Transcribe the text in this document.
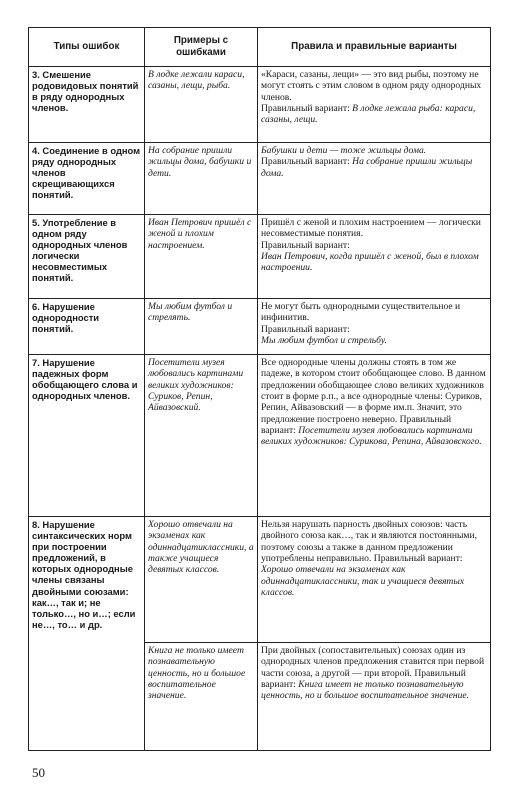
Типы ошибок	Примеры с ошибками	Правила и правильные варианты
3. Смешение родовидовых понятий в ряду однородных членов.	В лодке лежали караси, сазаны, лещи, рыба.	«Караси, сазаны, лещи» — это вид рыбы, поэтому не могут стоять с этим словом в одном ряду однородных членов.
Правильный вариант: В лодке лежала рыба: караси, сазаны, лещи.

4. Соединение в одном ряду однородных членов скрещивающихся понятий.	На собрание пришли жильцы дома, бабушки и дети.	Бабушки и дети — тоже жильцы дома.
Правильный вариант: На собрание пришли жильцы дома.

5. Употребление в одном ряду однородных членов логически несовместимых понятий.	Иван Петрович пришёл с женой и плохим настроением.	Пришёл с женой и плохим настроением — логически несовместимые понятия.
Правильный вариант:
Иван Петрович, когда пришёл с женой, был в плохом настроении.

6. Нарушение однородности понятий.	Мы любим футбол и стрелять.	Не могут быть однородными существительное и инфинитив.
Правильный вариант:
Мы любим футбол и стрельбу.

7. Нарушение падежных форм обобщающего слова и однородных членов.	Посетители музея любовались картинами великих художников: Суриков, Репин, Айвазовский.	Все однородные члены должны стоять в том же падеже, в котором стоит обобщающее слово. В данном предложении обобщающее слово великих художников стоит в форме р.п., а все однородные члены: Суриков, Репин, Айвазовский — в форме им.п. Значит, это предложение построено неверно. Правильный вариант: Посетители музея любовались картинами великих художников: Сурикова, Репина, Айвазовского.
8. Нарушение синтаксических норм при построении предложений, в которых однородные члены связаны двойными союзами: как…, так и; не только…, но и…; если не…, то… и др.	Хорошо отвечали на экзаменах как одиннадцатиклассники, а также учащиеся девятых классов.	Нельзя нарушать парность двойных союзов: часть двойного союза как…, так и являются постоянными, поэтому союзы а также в данном предложении употреблены неправильно. Правильный вариант: Хорошо отвечали на экзаменах как одиннадцатиклассники, так и учащиеся девятых классов.
	Книга не только имеет познавательную ценность, но и большое воспитательное значение.	При двойных (сопоставительных) союзах один из однородных членов предложения ставится при первой части союза, а другой — при второй. Правильный вариант: Книга имеет не только познавательную ценность, но и большое воспитательное значение.
50
